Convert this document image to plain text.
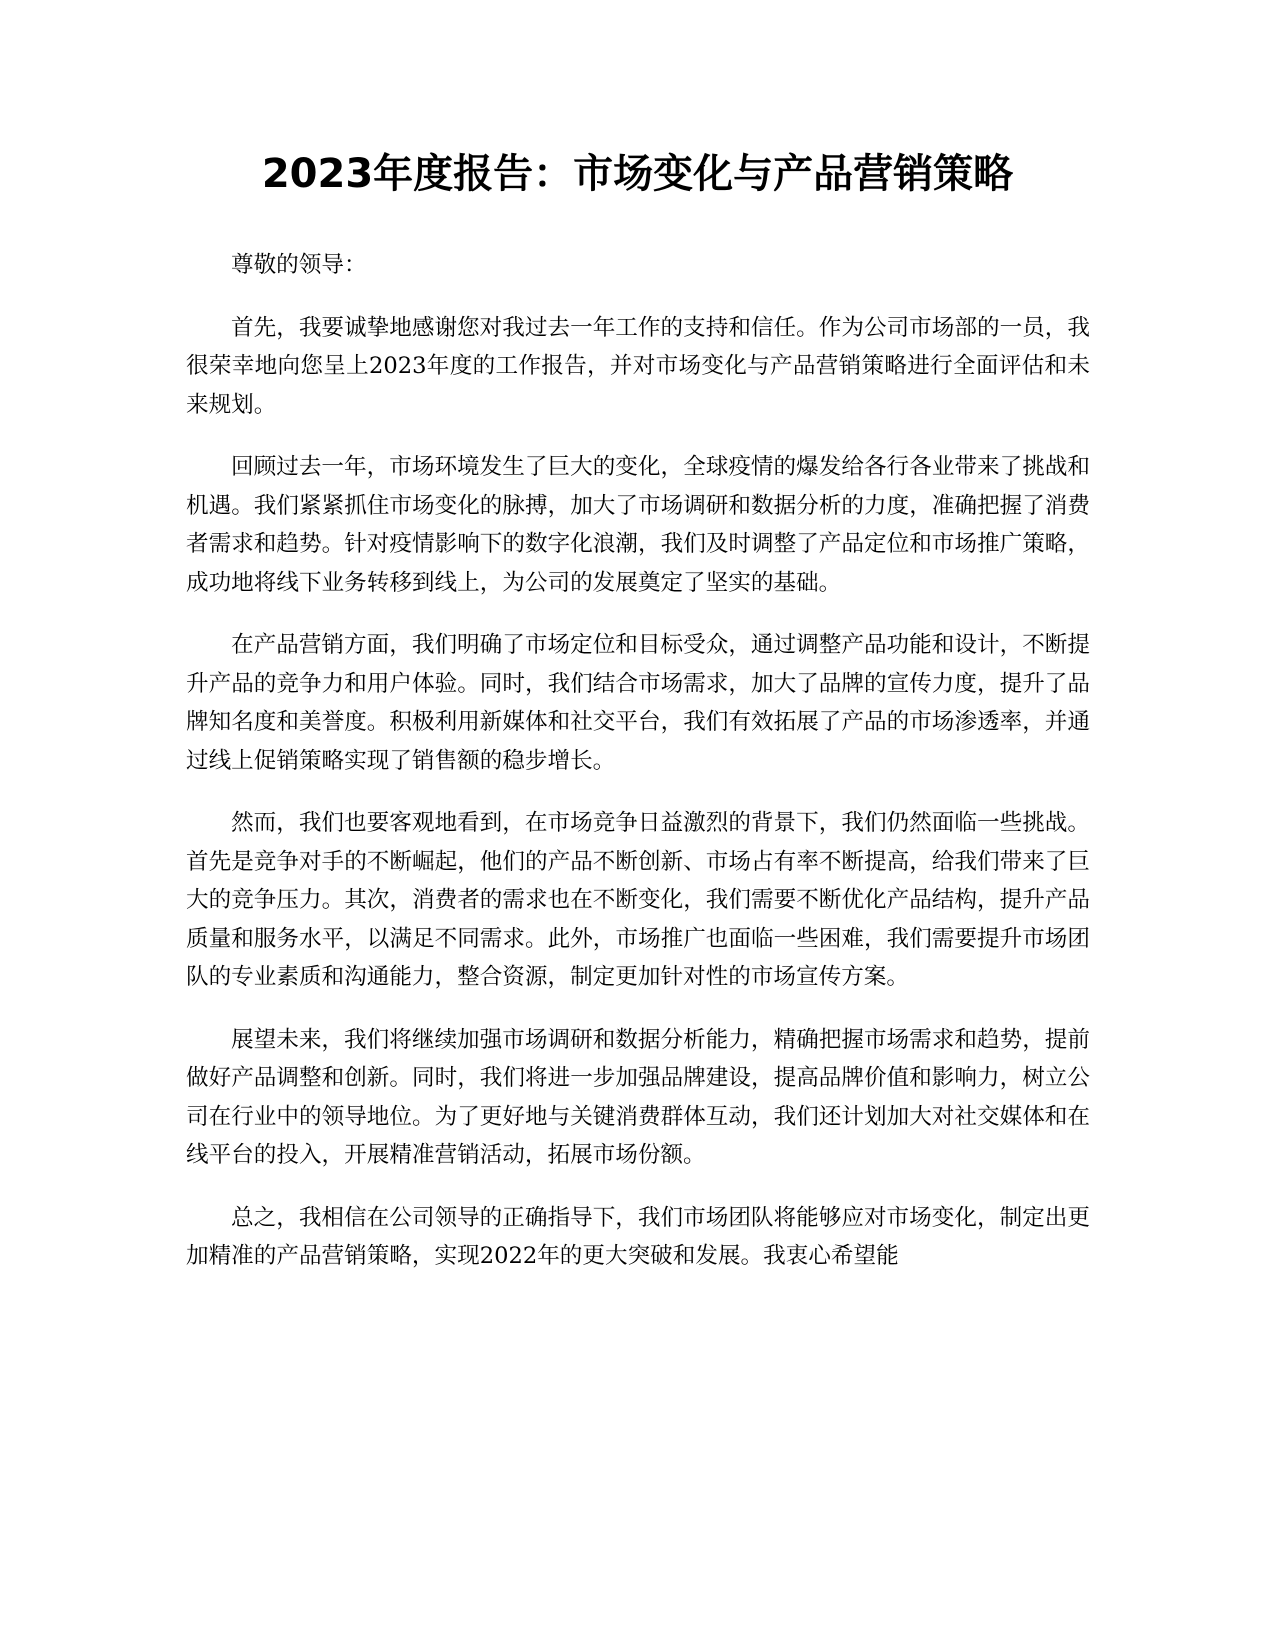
2023年度报告：市场变化与产品营销策略

尊敬的领导：

首先，我要诚挚地感谢您对我过去一年工作的支持和信任。作为公司市场部的一员，我很荣幸地向您呈上2023年度的工作报告，并对市场变化与产品营销策略进行全面评估和未来规划。

回顾过去一年，市场环境发生了巨大的变化，全球疫情的爆发给各行各业带来了挑战和机遇。我们紧紧抓住市场变化的脉搏，加大了市场调研和数据分析的力度，准确把握了消费者需求和趋势。针对疫情影响下的数字化浪潮，我们及时调整了产品定位和市场推广策略，成功地将线下业务转移到线上，为公司的发展奠定了坚实的基础。

在产品营销方面，我们明确了市场定位和目标受众，通过调整产品功能和设计，不断提升产品的竞争力和用户体验。同时，我们结合市场需求，加大了品牌的宣传力度，提升了品牌知名度和美誉度。积极利用新媒体和社交平台，我们有效拓展了产品的市场渗透率，并通过线上促销策略实现了销售额的稳步增长。

然而，我们也要客观地看到，在市场竞争日益激烈的背景下，我们仍然面临一些挑战。首先是竞争对手的不断崛起，他们的产品不断创新、市场占有率不断提高，给我们带来了巨大的竞争压力。其次，消费者的需求也在不断变化，我们需要不断优化产品结构，提升产品质量和服务水平，以满足不同需求。此外，市场推广也面临一些困难，我们需要提升市场团队的专业素质和沟通能力，整合资源，制定更加针对性的市场宣传方案。

展望未来，我们将继续加强市场调研和数据分析能力，精确把握市场需求和趋势，提前做好产品调整和创新。同时，我们将进一步加强品牌建设，提高品牌价值和影响力，树立公司在行业中的领导地位。为了更好地与关键消费群体互动，我们还计划加大对社交媒体和在线平台的投入，开展精准营销活动，拓展市场份额。

总之，我相信在公司领导的正确指导下，我们市场团队将能够应对市场变化，制定出更加精准的产品营销策略，实现2022年的更大突破和发展。我衷心希望能
